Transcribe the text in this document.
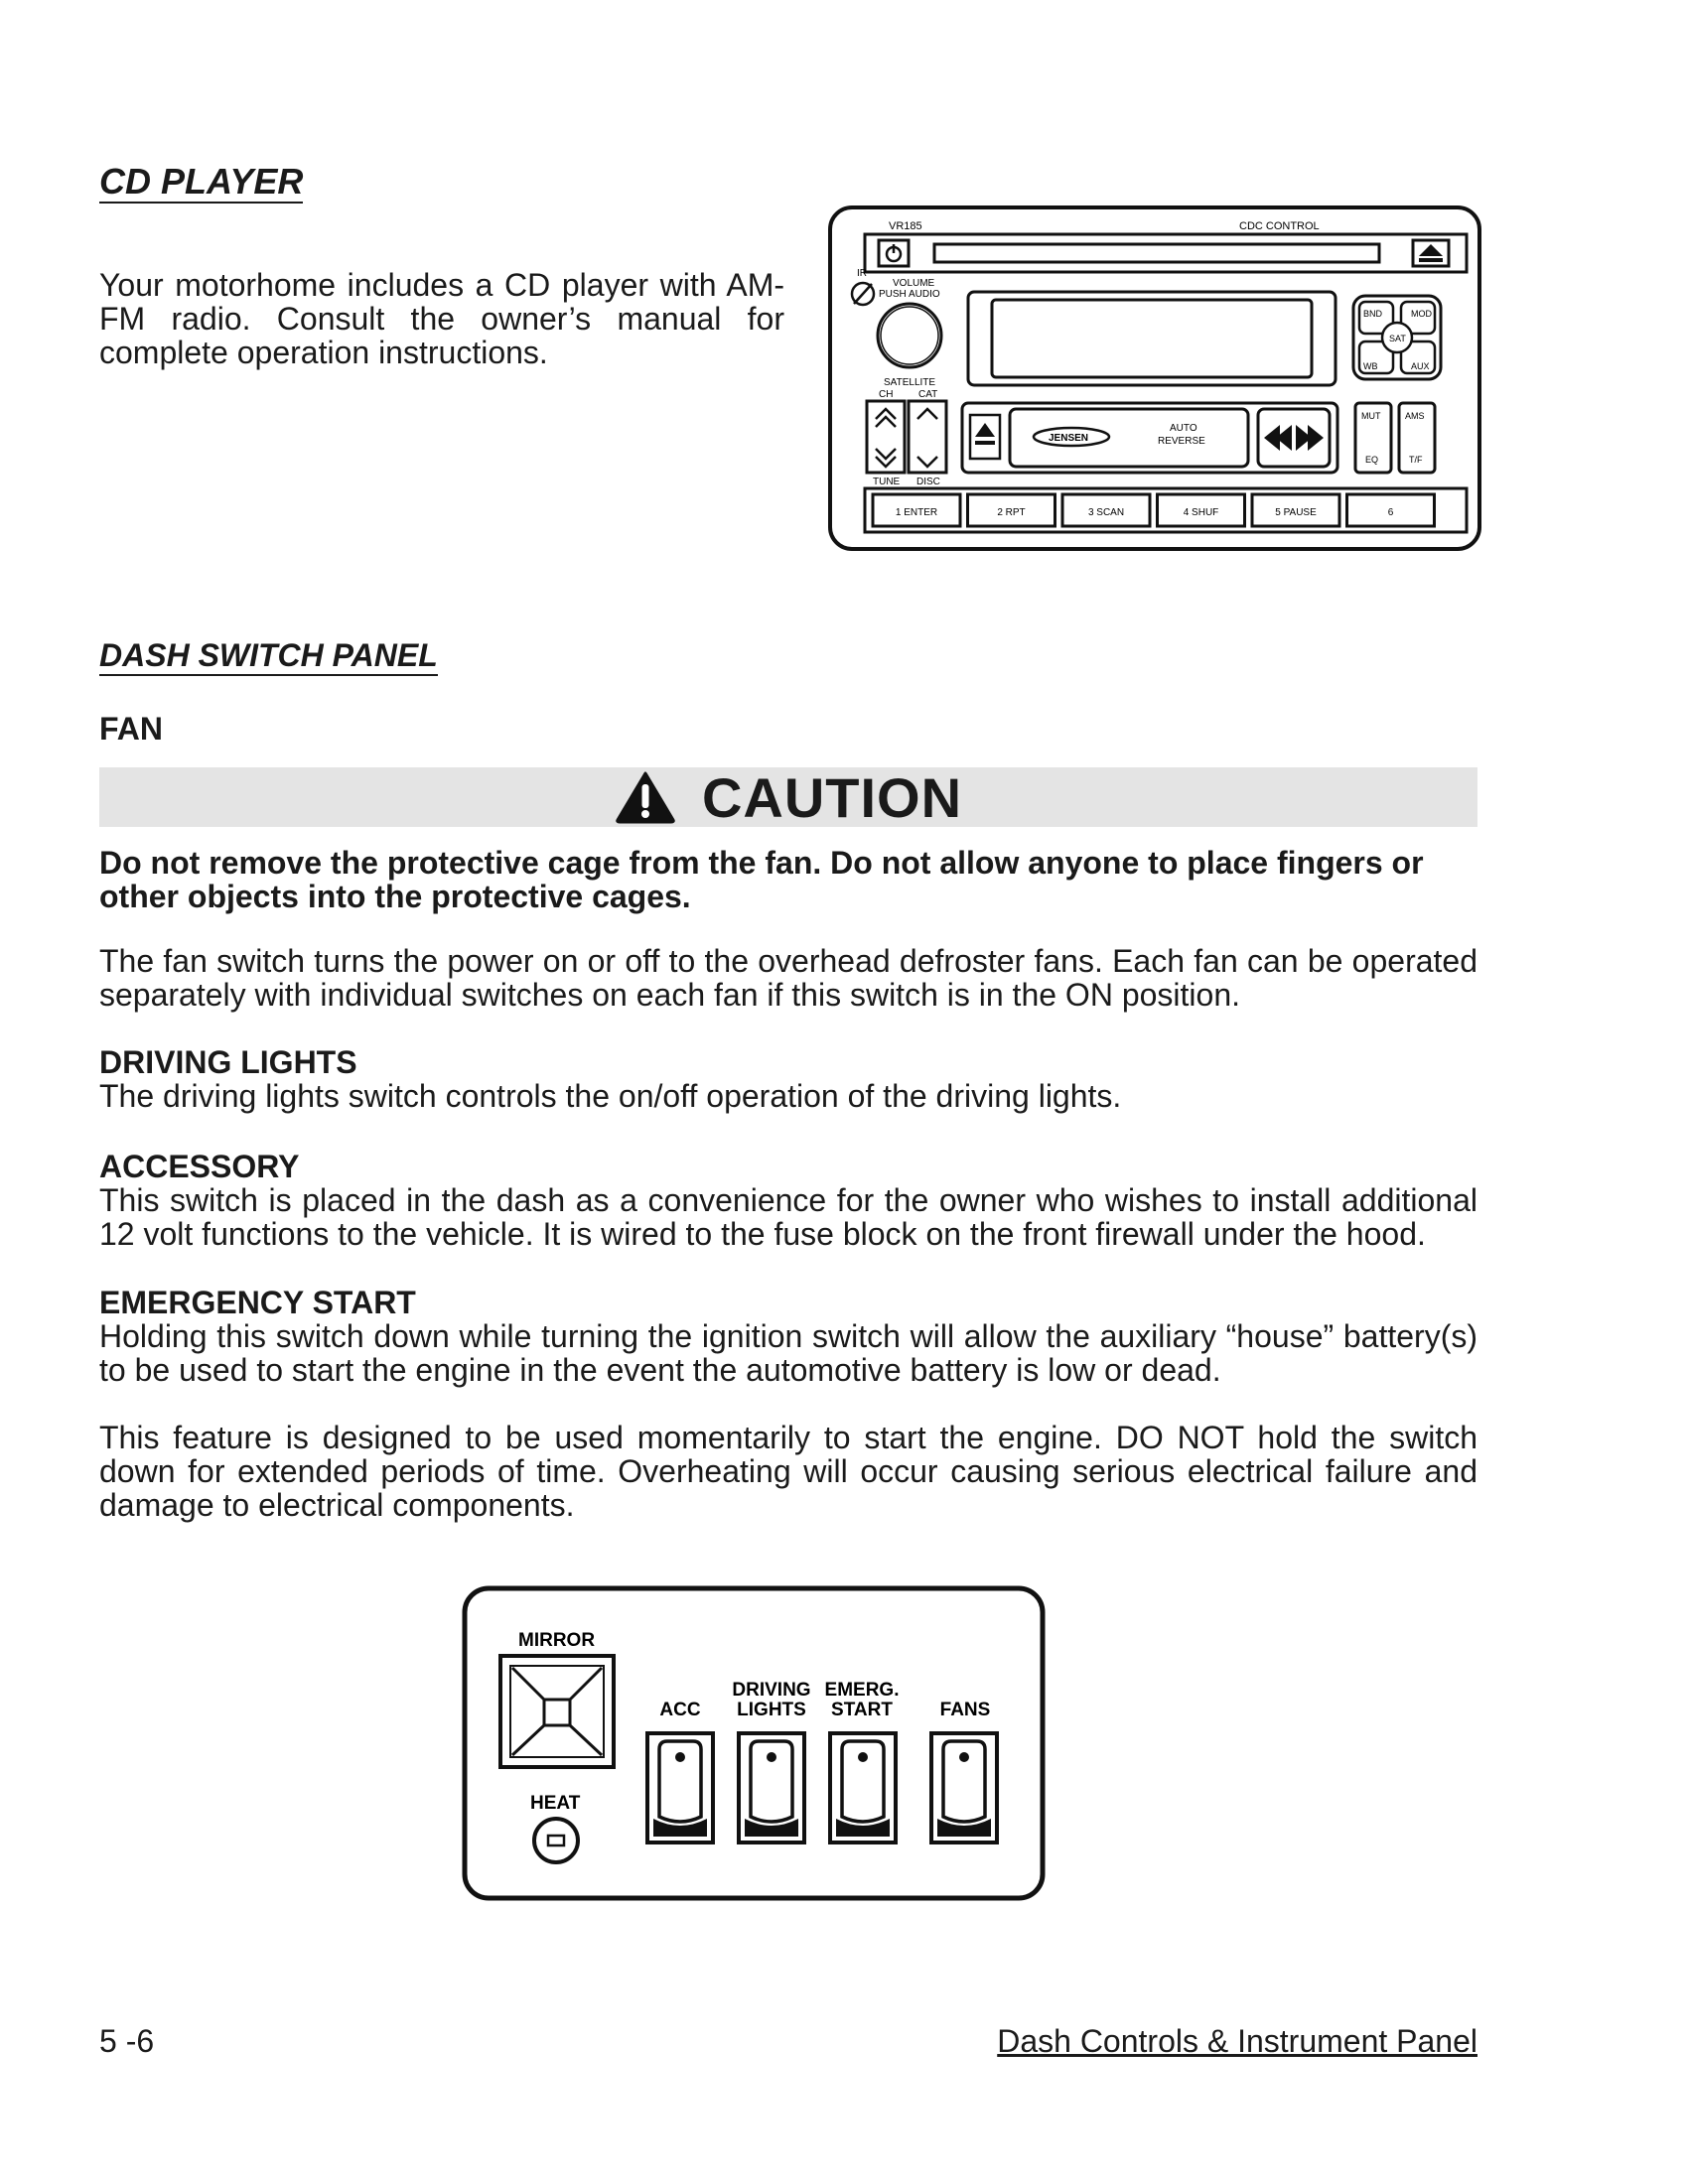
CD PLAYER

Your motorhome includes a CD player with AM-FM radio. Consult the owner’s manual for complete operation instructions.

VR185	CDC CONTROL
IR
VOLUME
PUSH AUDIO
SATELLITE
BND	MOD
SAT
WB	AUX
CH	CAT
TUNE DISC
JENSEN
AUTO
REVERSE
MUT	AMS
EQ	T/F
1 ENTER	2 RPT	3 SCAN	4 SHUF	5 PAUSE	6
DASH SWITCH PANEL
FAN
CAUTION

Do not remove the protective cage from the fan. Do not allow anyone to place fingers or other objects into the protective cages.

The fan switch turns the power on or off to the overhead defroster fans. Each fan can be operated separately with individual switches on each fan if this switch is in the ON position.

DRIVING LIGHTS
The driving lights switch controls the on/off operation of the driving lights.
ACCESSORY
This switch is placed in the dash as a convenience for the owner who wishes to install additional 12 volt functions to the vehicle. It is wired to the fuse block on the front firewall under the hood.
EMERGENCY START
Holding this switch down while turning the ignition switch will allow the auxiliary “house” battery(s) to be used to start the engine in the event the automotive battery is low or dead.

This feature is designed to be used momentarily to start the engine. DO NOT hold the switch down for extended periods of time. Overheating will occur causing serious electrical failure and damage to electrical components.

MIRROR
HEAT
ACC
DRIVING
LIGHTS
EMERG.
START	FANS
5 -6	Dash Controls & Instrument Panel
